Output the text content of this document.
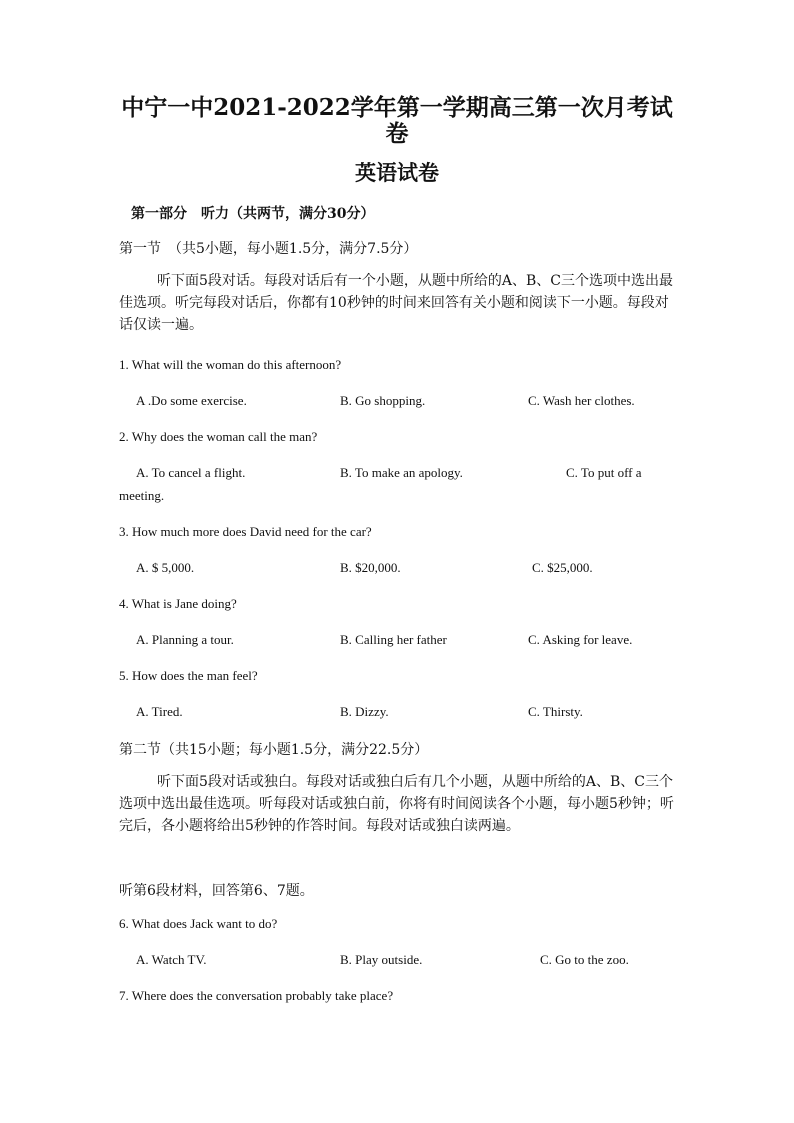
中宁一中2021-2022学年第一学期高三第一次月考试
卷
英语试卷
第一部分　听力（共两节，满分30分）
第一节　（共5小题，每小题1.5分，满分7.5分）
听下面5段对话。每段对话后有一个小题，从题中所给的A、B、C三个选项中选出最佳选项。听完每段对话后，你都有10秒钟的时间来回答有关小题和阅读下一小题。每段对话仅读一遍。
1. What will the woman do this afternoon?
A .Do some exercise.	B. Go shopping.	C. Wash her clothes.
2. Why does the woman call the man?
A. To cancel a flight.	B. To make an apology.	C. To put off a
meeting.
3. How much more does David need for the car?
A. $ 5,000.	B. $20,000.	C. $25,000.
4. What is Jane doing?
A. Planning a tour.	B. Calling her father	C. Asking for leave.
5. How does the man feel?
A. Tired.	B. Dizzy.	C. Thirsty.
第二节（共15小题；每小题1.5分，满分22.5分）
听下面5段对话或独白。每段对话或独白后有几个小题，从题中所给的A、B、C三个选项中选出最佳选项。听每段对话或独白前，你将有时间阅读各个小题，每小题5秒钟；听完后，各小题将给出5秒钟的作答时间。每段对话或独白读两遍。
听第6段材料，回答第6、7题。
6. What does Jack want to do?
A. Watch TV.	B. Play outside.	C. Go to the zoo.
7. Where does the conversation probably take place?
